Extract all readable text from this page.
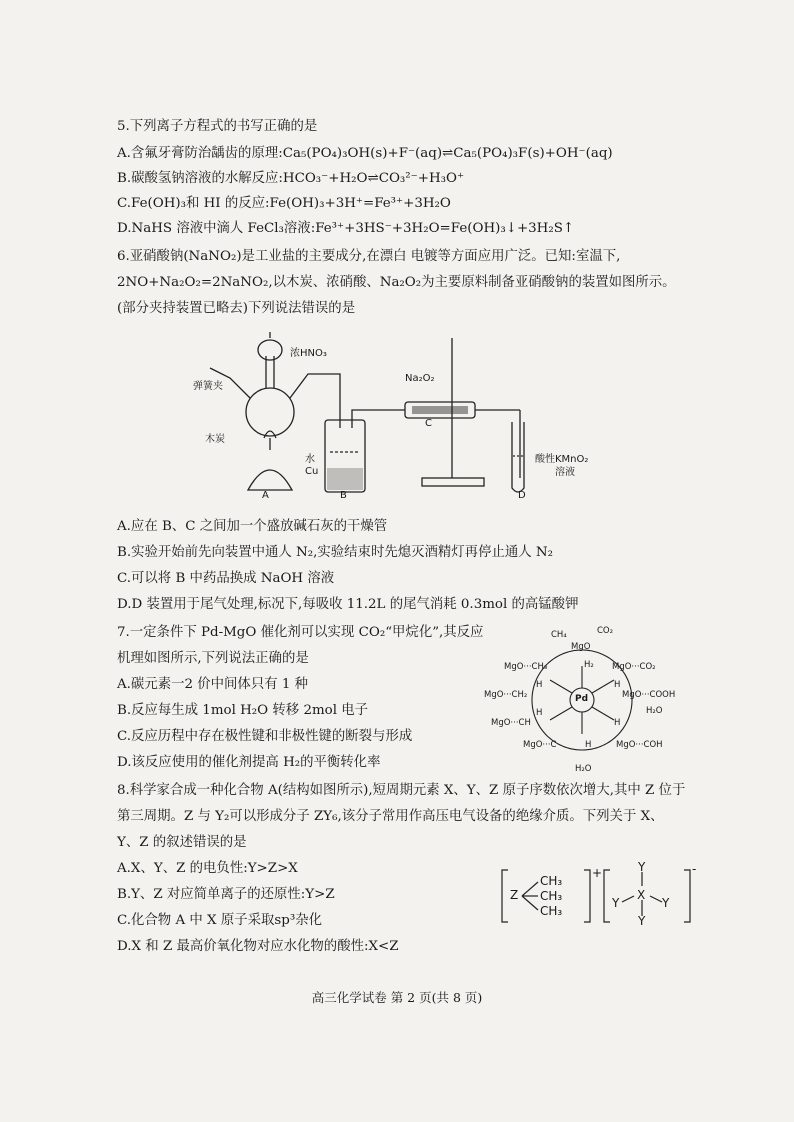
5.下列离子方程式的书写正确的是
A.含氟牙膏防治龋齿的原理:Ca₅(PO₄)₃OH(s)+F⁻(aq)⇌Ca₅(PO₄)₃F(s)+OH⁻(aq)
B.碳酸氢钠溶液的水解反应:HCO₃⁻+H₂O⇌CO₃²⁻+H₃O⁺
C.Fe(OH)₃和 HI 的反应:Fe(OH)₃+3H⁺=Fe³⁺+3H₂O
D.NaHS 溶液中滴人 FeCl₃溶液:Fe³⁺+3HS⁻+3H₂O=Fe(OH)₃↓+3H₂S↑
6.亚硝酸钠(NaNO₂)是工业盐的主要成分,在漂白 电镀等方面应用广泛。已知:室温下,
2NO+Na₂O₂=2NaNO₂,以木炭、浓硝酸、Na₂O₂为主要原料制备亚硝酸钠的装置如图所示。
(部分夹持装置已略去)下列说法错误的是
浓HNO₃
弹簧夹
木炭
水
Cu
Na₂O₂
C
酸性KMnO₂
溶液
A	B	D
A.应在 B、C 之间加一个盛放碱石灰的干燥管
B.实验开始前先向装置中通人 N₂,实验结束时先熄灭酒精灯再停止通人 N₂
C.可以将 B 中药品换成 NaOH 溶液
D.D 装置用于尾气处理,标况下,每吸收 11.2L 的尾气消耗 0.3mol 的高锰酸钾
7.一定条件下 Pd-MgO 催化剂可以实现 CO₂“甲烷化”,其反应
机理如图所示,下列说法正确的是
A.碳元素一2 价中间体只有 1 种
B.反应每生成 1mol H₂O 转移 2mol 电子
C.反应历程中存在极性键和非极性键的断裂与形成
D.该反应使用的催化剂提高 H₂的平衡转化率
CH₄	CO₂
MgO
H₂
MgO···CH₃	MgO···CO₂
MgO···CH₂	MgO···COOH
Pd
H	H
H₂O
MgO···CH
H
H
MgO···COH
MgO···C	H
H₂O
8.科学家合成一种化合物 A(结构如图所示),短周期元素 X、Y、Z 原子序数依次增大,其中 Z 位于
第三周期。Z 与 Y₂可以形成分子 ZY₆,该分子常用作高压电气设备的绝缘介质。下列关于 X、
Y、Z 的叙述错误的是
A.X、Y、Z 的电负性:Y>Z>X
B.Y、Z 对应简单离子的还原性:Y>Z
C.化合物 A 中 X 原子采取sp³杂化
D.X 和 Z 最高价氧化物对应水化物的酸性:X<Z
Z
CH₃
CH₃
CH₃
+	Y
X
Y	Y
Y
-
高三化学试卷 第 2 页(共 8 页)
